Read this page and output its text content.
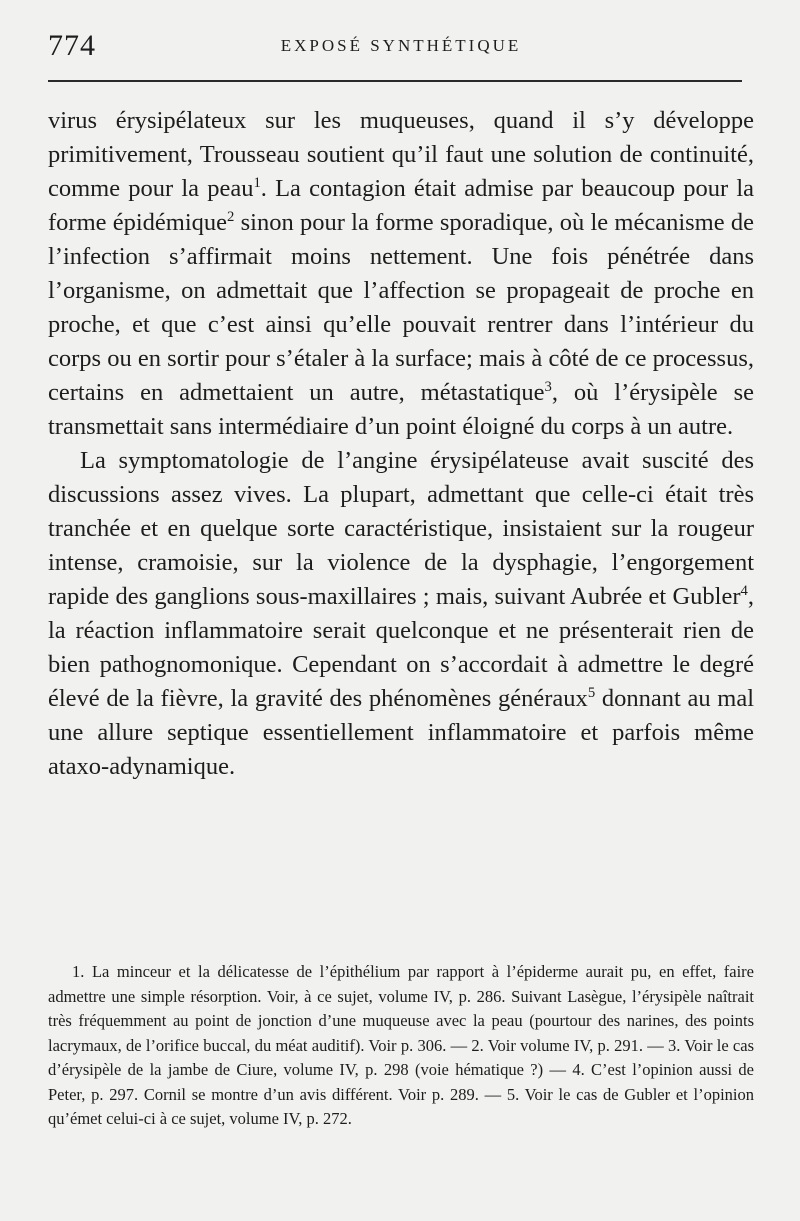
774	EXPOSÉ SYNTHÉTIQUE

virus érysipélateux sur les muqueuses, quand il s’y développe primitivement, Trousseau soutient qu’il faut une solution de continuité, comme pour la peau$^1$. La contagion était admise par beaucoup pour la forme épidémique$^2$ sinon pour la forme sporadique, où le mécanisme de l’infection s’affirmait moins nettement. Une fois pénétrée dans l’organisme, on admettait que l’affection se propageait de proche en proche, et que c’est ainsi qu’elle pouvait rentrer dans l’intérieur du corps ou en sortir pour s’étaler à la surface; mais à côté de ce processus, certains en admettaient un autre, métastatique$^3$, où l’érysipèle se transmettait sans intermédiaire d’un point éloigné du corps à un autre.

La symptomatologie de l’angine érysipélateuse avait suscité des discussions assez vives. La plupart, admettant que celle-ci était très tranchée et en quelque sorte caractéristique, insistaient sur la rougeur intense, cramoisie, sur la violence de la dysphagie, l’engorgement rapide des ganglions sous-maxillaires ; mais, suivant Aubrée et Gubler$^4$, la réaction inflammatoire serait quelconque et ne présenterait rien de bien pathognomonique. Cependant on s’accordait à admettre le degré élevé de la fièvre, la gravité des phénomènes généraux$^5$ donnant au mal une allure septique essentiellement inflammatoire et parfois même ataxo-adynamique.

1. La minceur et la délicatesse de l’épithélium par rapport à l’épiderme aurait pu, en effet, faire admettre une simple résorption. Voir, à ce sujet, volume IV, p. 286. Suivant Lasègue, l’érysipèle naîtrait très fréquemment au point de jonction d’une muqueuse avec la peau (pourtour des narines, des points lacrymaux, de l’orifice buccal, du méat auditif). Voir p. 306. — 2. Voir volume IV, p. 291. — 3. Voir le cas d’érysipèle de la jambe de Ciure, volume IV, p. 298 (voie hématique ?) — 4. C’est l’opinion aussi de Peter, p. 297. Cornil se montre d’un avis différent. Voir p. 289. — 5. Voir le cas de Gubler et l’opinion qu’émet celui-ci à ce sujet, volume IV, p. 272.
